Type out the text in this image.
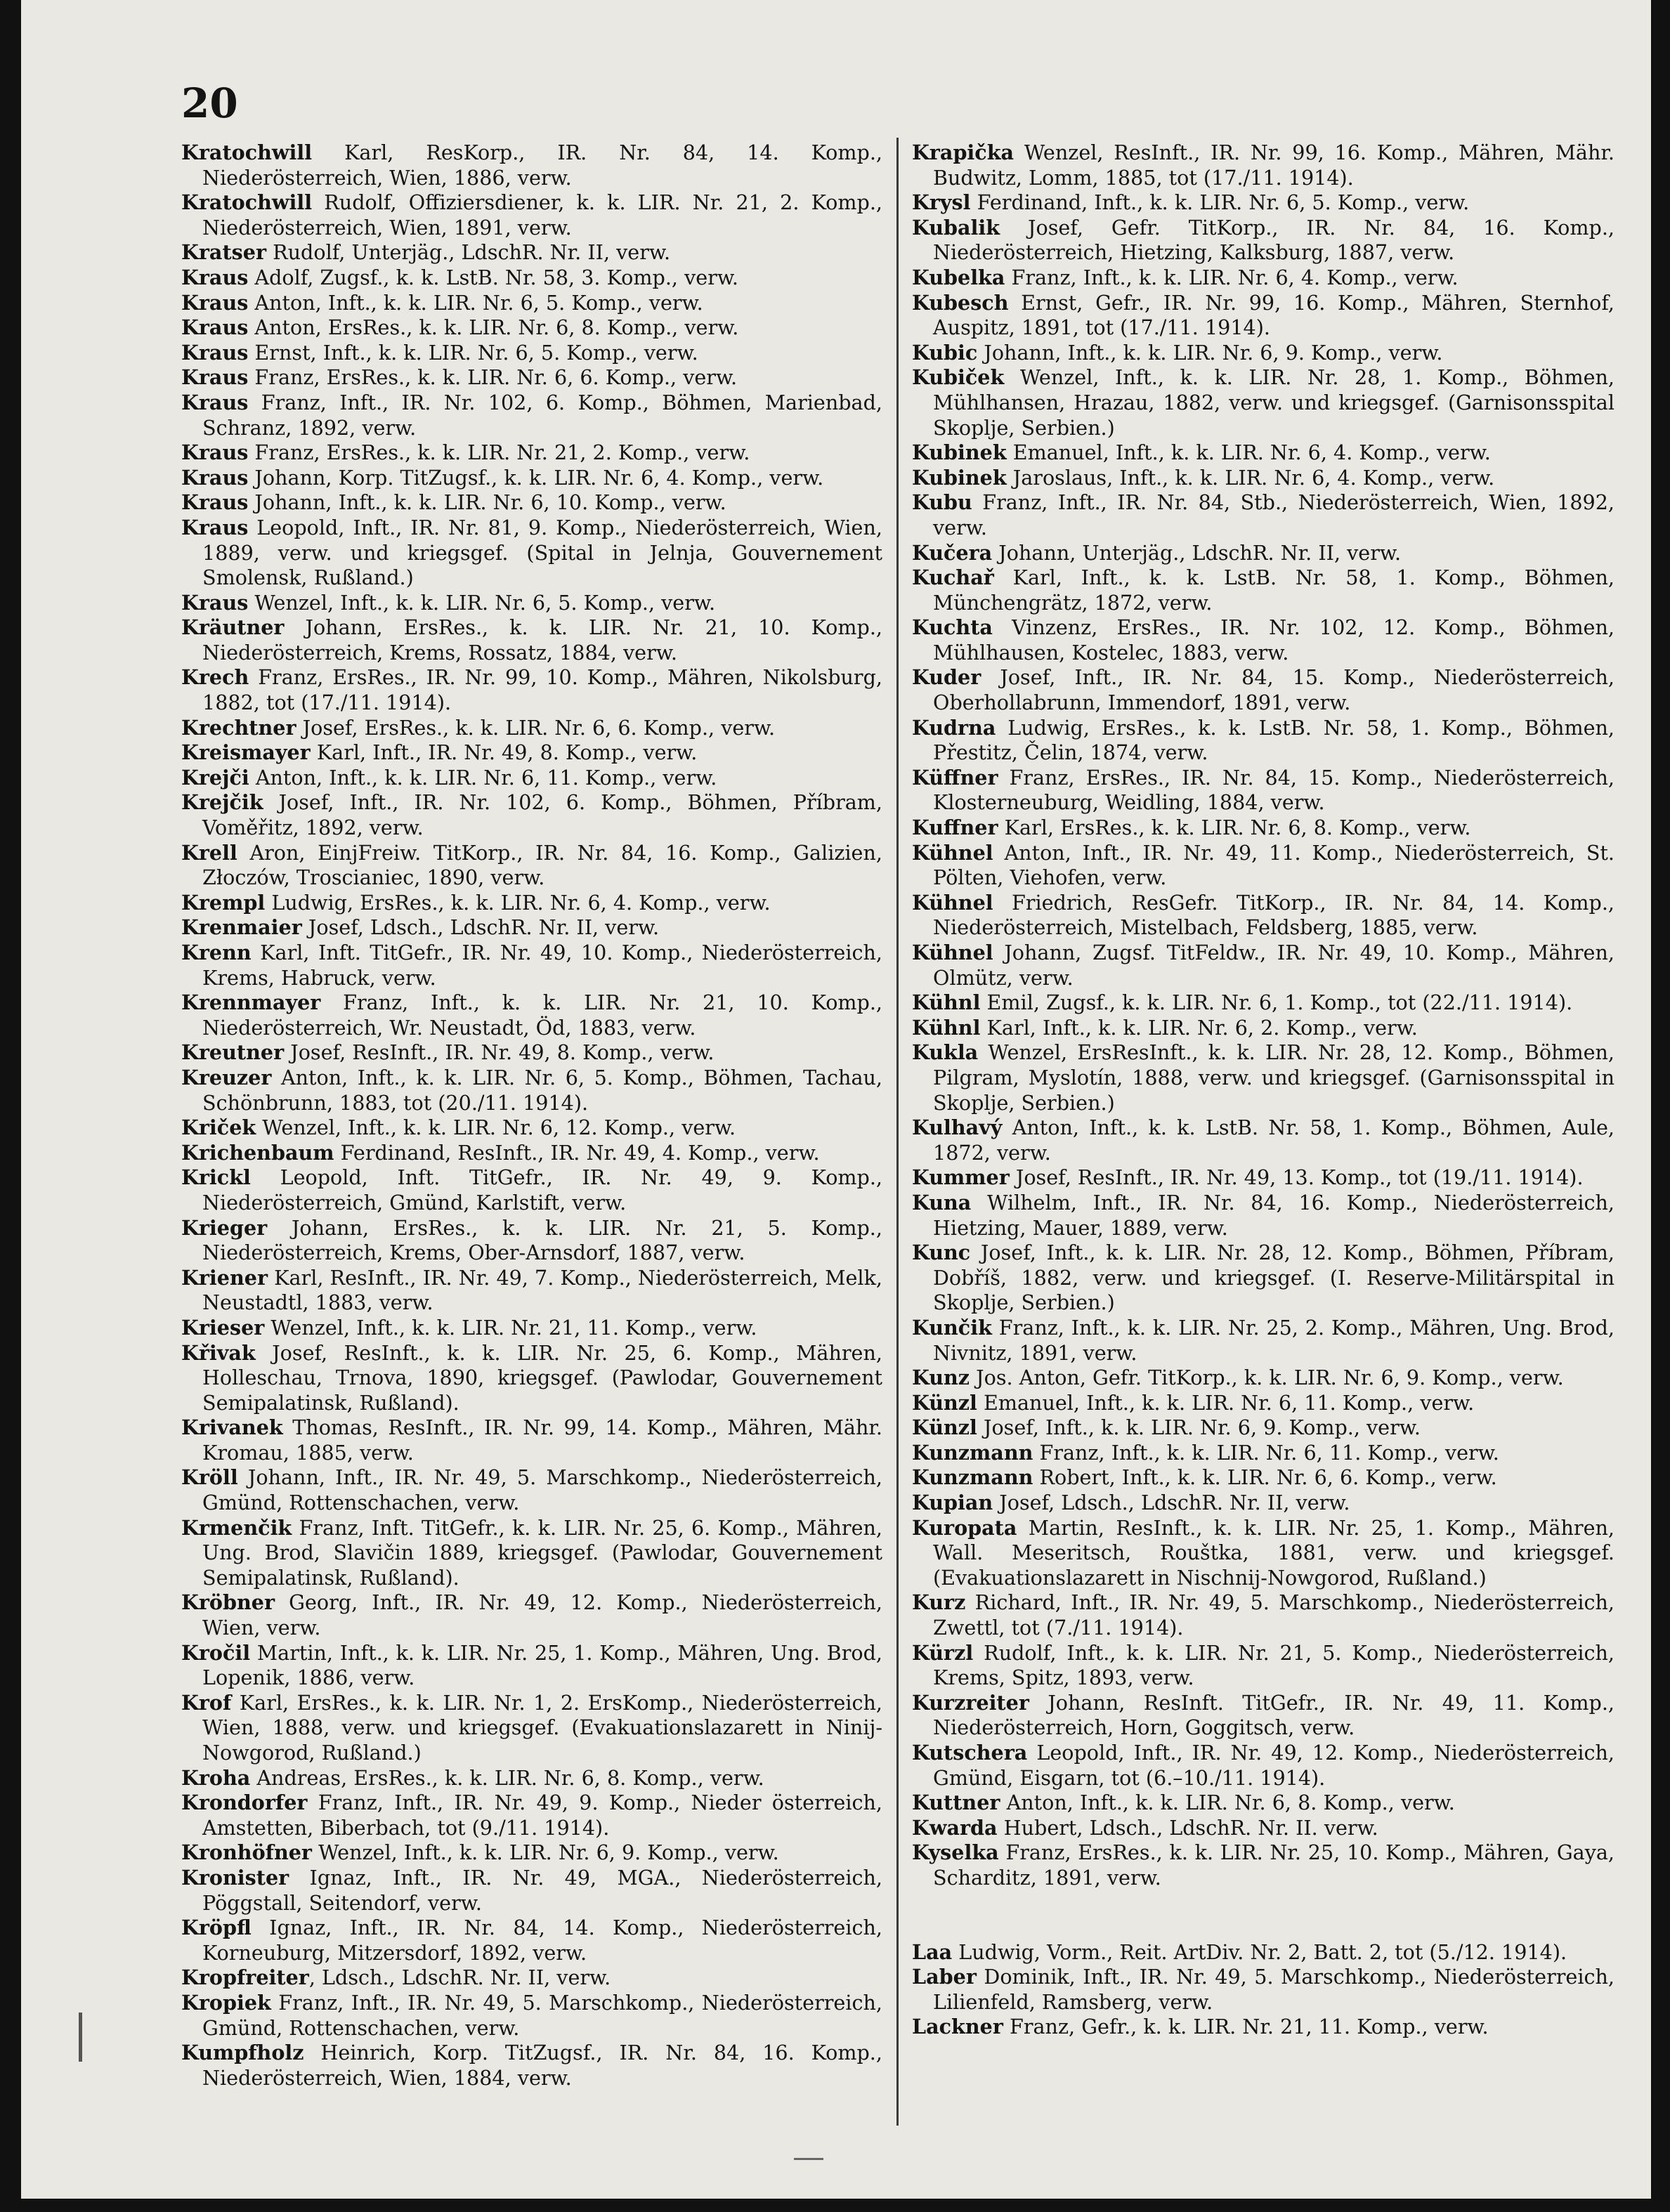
20

Kratochwill Karl, ResKorp., IR. Nr. 84, 14. Komp., Niederösterreich, Wien, 1886, verw.

Kratochwill Rudolf, Offiziersdiener, k. k. LIR. Nr. 21, 2. Komp., Niederösterreich, Wien, 1891, verw.

Kratser Rudolf, Unterjäg., LdschR. Nr. II, verw.

Kraus Adolf, Zugsf., k. k. LstB. Nr. 58, 3. Komp., verw.

Kraus Anton, Inft., k. k. LIR. Nr. 6, 5. Komp., verw.

Kraus Anton, ErsRes., k. k. LIR. Nr. 6, 8. Komp., verw.

Kraus Ernst, Inft., k. k. LIR. Nr. 6, 5. Komp., verw.

Kraus Franz, ErsRes., k. k. LIR. Nr. 6, 6. Komp., verw.

Kraus Franz, Inft., IR. Nr. 102, 6. Komp., Böhmen, Marienbad, Schranz, 1892, verw.

Kraus Franz, ErsRes., k. k. LIR. Nr. 21, 2. Komp., verw.

Kraus Johann, Korp. TitZugsf., k. k. LIR. Nr. 6, 4. Komp., verw.

Kraus Johann, Inft., k. k. LIR. Nr. 6, 10. Komp., verw.

Kraus Leopold, Inft., IR. Nr. 81, 9. Komp., Niederösterreich, Wien, 1889, verw. und kriegsgef. (Spital in Jelnja, Gouvernement Smolensk, Rußland.)

Kraus Wenzel, Inft., k. k. LIR. Nr. 6, 5. Komp., verw.

Kräutner Johann, ErsRes., k. k. LIR. Nr. 21, 10. Komp., Niederösterreich, Krems, Rossatz, 1884, verw.

Krech Franz, ErsRes., IR. Nr. 99, 10. Komp., Mähren, Nikolsburg, 1882, tot (17./11. 1914).

Krechtner Josef, ErsRes., k. k. LIR. Nr. 6, 6. Komp., verw.

Kreismayer Karl, Inft., IR. Nr. 49, 8. Komp., verw.

Krejči Anton, Inft., k. k. LIR. Nr. 6, 11. Komp., verw.

Krejčik Josef, Inft., IR. Nr. 102, 6. Komp., Böhmen, Příbram, Voměřitz, 1892, verw.

Krell Aron, EinjFreiw. TitKorp., IR. Nr. 84, 16. Komp., Galizien, Złoczów, Troscianiec, 1890, verw.

Krempl Ludwig, ErsRes., k. k. LIR. Nr. 6, 4. Komp., verw.

Krenmaier Josef, Ldsch., LdschR. Nr. II, verw.

Krenn Karl, Inft. TitGefr., IR. Nr. 49, 10. Komp., Niederösterreich, Krems, Habruck, verw.

Krennmayer Franz, Inft., k. k. LIR. Nr. 21, 10. Komp., Niederösterreich, Wr. Neustadt, Öd, 1883, verw.

Kreutner Josef, ResInft., IR. Nr. 49, 8. Komp., verw.

Kreuzer Anton, Inft., k. k. LIR. Nr. 6, 5. Komp., Böhmen, Tachau, Schönbrunn, 1883, tot (20./11. 1914).

Kriček Wenzel, Inft., k. k. LIR. Nr. 6, 12. Komp., verw.

Krichenbaum Ferdinand, ResInft., IR. Nr. 49, 4. Komp., verw.

Krickl Leopold, Inft. TitGefr., IR. Nr. 49, 9. Komp., Niederösterreich, Gmünd, Karlstift, verw.

Krieger Johann, ErsRes., k. k. LIR. Nr. 21, 5. Komp., Niederösterreich, Krems, Ober-Arnsdorf, 1887, verw.

Kriener Karl, ResInft., IR. Nr. 49, 7. Komp., Niederösterreich, Melk, Neustadtl, 1883, verw.

Krieser Wenzel, Inft., k. k. LIR. Nr. 21, 11. Komp., verw.

Křivak Josef, ResInft., k. k. LIR. Nr. 25, 6. Komp., Mähren, Holleschau, Trnova, 1890, kriegsgef. (Pawlodar, Gouvernement Semipalatinsk, Rußland).

Krivanek Thomas, ResInft., IR. Nr. 99, 14. Komp., Mähren, Mähr. Kromau, 1885, verw.

Kröll Johann, Inft., IR. Nr. 49, 5. Marschkomp., Niederösterreich, Gmünd, Rottenschachen, verw.

Krmenčik Franz, Inft. TitGefr., k. k. LIR. Nr. 25, 6. Komp., Mähren, Ung. Brod, Slavičin 1889, kriegsgef. (Pawlodar, Gouvernement Semipalatinsk, Rußland).

Kröbner Georg, Inft., IR. Nr. 49, 12. Komp., Niederösterreich, Wien, verw.

Kročil Martin, Inft., k. k. LIR. Nr. 25, 1. Komp., Mähren, Ung. Brod, Lopenik, 1886, verw.

Krof Karl, ErsRes., k. k. LIR. Nr. 1, 2. ErsKomp., Niederösterreich, Wien, 1888, verw. und kriegsgef. (Evakuationslazarett in Ninij-Nowgorod, Rußland.)

Kroha Andreas, ErsRes., k. k. LIR. Nr. 6, 8. Komp., verw.

Krondorfer Franz, Inft., IR. Nr. 49, 9. Komp., Nieder österreich, Amstetten, Biberbach, tot (9./11. 1914).

Kronhöfner Wenzel, Inft., k. k. LIR. Nr. 6, 9. Komp., verw.

Kronister Ignaz, Inft., IR. Nr. 49, MGA., Niederösterreich, Pöggstall, Seitendorf, verw.

Kröpfl Ignaz, Inft., IR. Nr. 84, 14. Komp., Niederösterreich, Korneuburg, Mitzersdorf, 1892, verw.

Kropfreiter, Ldsch., LdschR. Nr. II, verw.

Kropiek Franz, Inft., IR. Nr. 49, 5. Marschkomp., Niederösterreich, Gmünd, Rottenschachen, verw.

Kumpfholz Heinrich, Korp. TitZugsf., IR. Nr. 84, 16. Komp., Niederösterreich, Wien, 1884, verw.

Krapička Wenzel, ResInft., IR. Nr. 99, 16. Komp., Mähren, Mähr. Budwitz, Lomm, 1885, tot (17./11. 1914).

Krysl Ferdinand, Inft., k. k. LIR. Nr. 6, 5. Komp., verw.

Kubalik Josef, Gefr. TitKorp., IR. Nr. 84, 16. Komp., Niederösterreich, Hietzing, Kalksburg, 1887, verw.

Kubelka Franz, Inft., k. k. LIR. Nr. 6, 4. Komp., verw.

Kubesch Ernst, Gefr., IR. Nr. 99, 16. Komp., Mähren, Sternhof, Auspitz, 1891, tot (17./11. 1914).

Kubic Johann, Inft., k. k. LIR. Nr. 6, 9. Komp., verw.

Kubiček Wenzel, Inft., k. k. LIR. Nr. 28, 1. Komp., Böhmen, Mühlhansen, Hrazau, 1882, verw. und kriegsgef. (Garnisonsspital Skoplje, Serbien.)

Kubinek Emanuel, Inft., k. k. LIR. Nr. 6, 4. Komp., verw.

Kubinek Jaroslaus, Inft., k. k. LIR. Nr. 6, 4. Komp., verw.

Kubu Franz, Inft., IR. Nr. 84, Stb., Niederösterreich, Wien, 1892, verw.

Kučera Johann, Unterjäg., LdschR. Nr. II, verw.

Kuchař Karl, Inft., k. k. LstB. Nr. 58, 1. Komp., Böhmen, Münchengrätz, 1872, verw.

Kuchta Vinzenz, ErsRes., IR. Nr. 102, 12. Komp., Böhmen, Mühlhausen, Kostelec, 1883, verw.

Kuder Josef, Inft., IR. Nr. 84, 15. Komp., Niederösterreich, Oberhollabrunn, Immendorf, 1891, verw.

Kudrna Ludwig, ErsRes., k. k. LstB. Nr. 58, 1. Komp., Böhmen, Přestitz, Čelin, 1874, verw.

Küffner Franz, ErsRes., IR. Nr. 84, 15. Komp., Niederösterreich, Klosterneuburg, Weidling, 1884, verw.

Kuffner Karl, ErsRes., k. k. LIR. Nr. 6, 8. Komp., verw.

Kühnel Anton, Inft., IR. Nr. 49, 11. Komp., Niederösterreich, St. Pölten, Viehofen, verw.

Kühnel Friedrich, ResGefr. TitKorp., IR. Nr. 84, 14. Komp., Niederösterreich, Mistelbach, Feldsberg, 1885, verw.

Kühnel Johann, Zugsf. TitFeldw., IR. Nr. 49, 10. Komp., Mähren, Olmütz, verw.

Kühnl Emil, Zugsf., k. k. LIR. Nr. 6, 1. Komp., tot (22./11. 1914).

Kühnl Karl, Inft., k. k. LIR. Nr. 6, 2. Komp., verw.

Kukla Wenzel, ErsResInft., k. k. LIR. Nr. 28, 12. Komp., Böhmen, Pilgram, Myslotín, 1888, verw. und kriegsgef. (Garnisonsspital in Skoplje, Serbien.)

Kulhavý Anton, Inft., k. k. LstB. Nr. 58, 1. Komp., Böhmen, Aule, 1872, verw.

Kummer Josef, ResInft., IR. Nr. 49, 13. Komp., tot (19./11. 1914).

Kuna Wilhelm, Inft., IR. Nr. 84, 16. Komp., Niederösterreich, Hietzing, Mauer, 1889, verw.

Kunc Josef, Inft., k. k. LIR. Nr. 28, 12. Komp., Böhmen, Příbram, Dobříš, 1882, verw. und kriegsgef. (I. Reserve-Militärspital in Skoplje, Serbien.)

Kunčik Franz, Inft., k. k. LIR. Nr. 25, 2. Komp., Mähren, Ung. Brod, Nivnitz, 1891, verw.

Kunz Jos. Anton, Gefr. TitKorp., k. k. LIR. Nr. 6, 9. Komp., verw.

Künzl Emanuel, Inft., k. k. LIR. Nr. 6, 11. Komp., verw.

Künzl Josef, Inft., k. k. LIR. Nr. 6, 9. Komp., verw.

Kunzmann Franz, Inft., k. k. LIR. Nr. 6, 11. Komp., verw.

Kunzmann Robert, Inft., k. k. LIR. Nr. 6, 6. Komp., verw.

Kupian Josef, Ldsch., LdschR. Nr. II, verw.

Kuropata Martin, ResInft., k. k. LIR. Nr. 25, 1. Komp., Mähren, Wall. Meseritsch, Rouštka, 1881, verw. und kriegsgef. (Evakuationslazarett in Nischnij-Nowgorod, Rußland.)

Kurz Richard, Inft., IR. Nr. 49, 5. Marschkomp., Niederösterreich, Zwettl, tot (7./11. 1914).

Kürzl Rudolf, Inft., k. k. LIR. Nr. 21, 5. Komp., Niederösterreich, Krems, Spitz, 1893, verw.

Kurzreiter Johann, ResInft. TitGefr., IR. Nr. 49, 11. Komp., Niederösterreich, Horn, Goggitsch, verw.

Kutschera Leopold, Inft., IR. Nr. 49, 12. Komp., Niederösterreich, Gmünd, Eisgarn, tot (6.–10./11. 1914).

Kuttner Anton, Inft., k. k. LIR. Nr. 6, 8. Komp., verw.

Kwarda Hubert, Ldsch., LdschR. Nr. II. verw.

Kyselka Franz, ErsRes., k. k. LIR. Nr. 25, 10. Komp., Mähren, Gaya, Scharditz, 1891, verw.

Laa Ludwig, Vorm., Reit. ArtDiv. Nr. 2, Batt. 2, tot (5./12. 1914).

Laber Dominik, Inft., IR. Nr. 49, 5. Marschkomp., Niederösterreich, Lilienfeld, Ramsberg, verw.

Lackner Franz, Gefr., k. k. LIR. Nr. 21, 11. Komp., verw.
